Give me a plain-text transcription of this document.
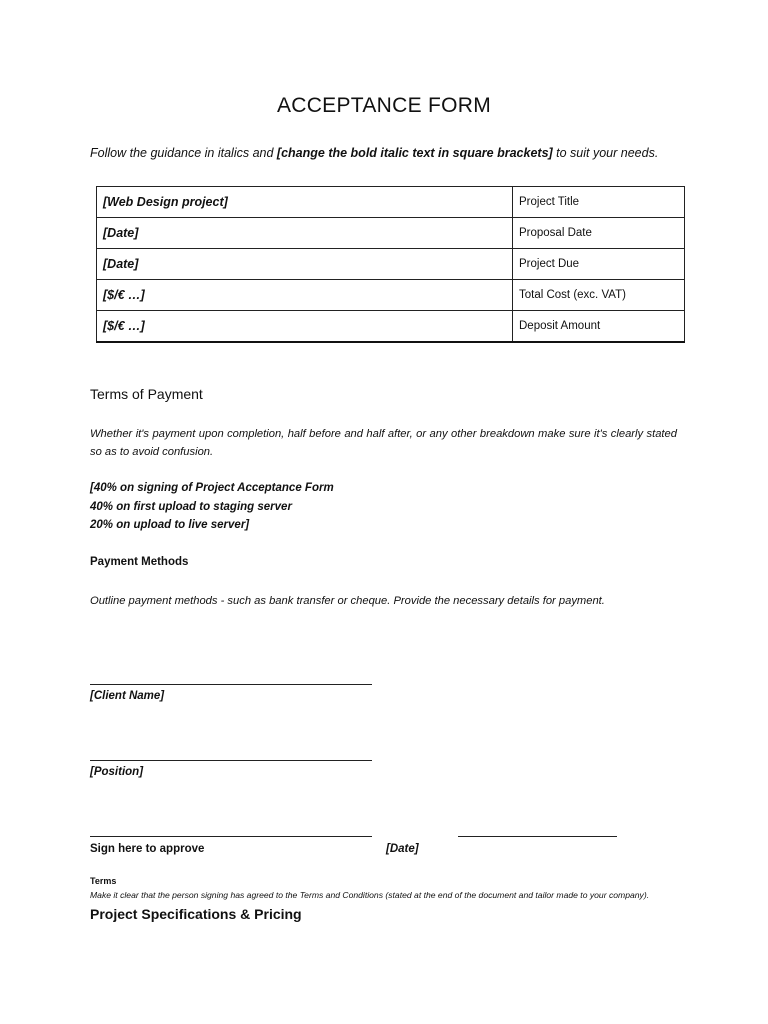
ACCEPTANCE FORM
Follow the guidance in italics and [change the bold italic text in square brackets] to suit your needs.
[Web Design project]	Project Title
[Date]	Proposal Date
[Date]	Project Due
[$/€ …]	Total Cost (exc. VAT)
[$/€ …]	Deposit Amount
Terms of Payment
Whether it's payment upon completion, half before and half after, or any other breakdown make sure it's clearly stated so as to avoid confusion.
[40% on signing of Project Acceptance Form
40% on first upload to staging server
20% on upload to live server]
Payment Methods
Outline payment methods - such as bank transfer or cheque. Provide the necessary details for payment.
[Client Name]
[Position]
Sign here to approve	[Date]
Terms
Make it clear that the person signing has agreed to the Terms and Conditions (stated at the end of the document and tailor made to your company).
Project Specifications & Pricing
